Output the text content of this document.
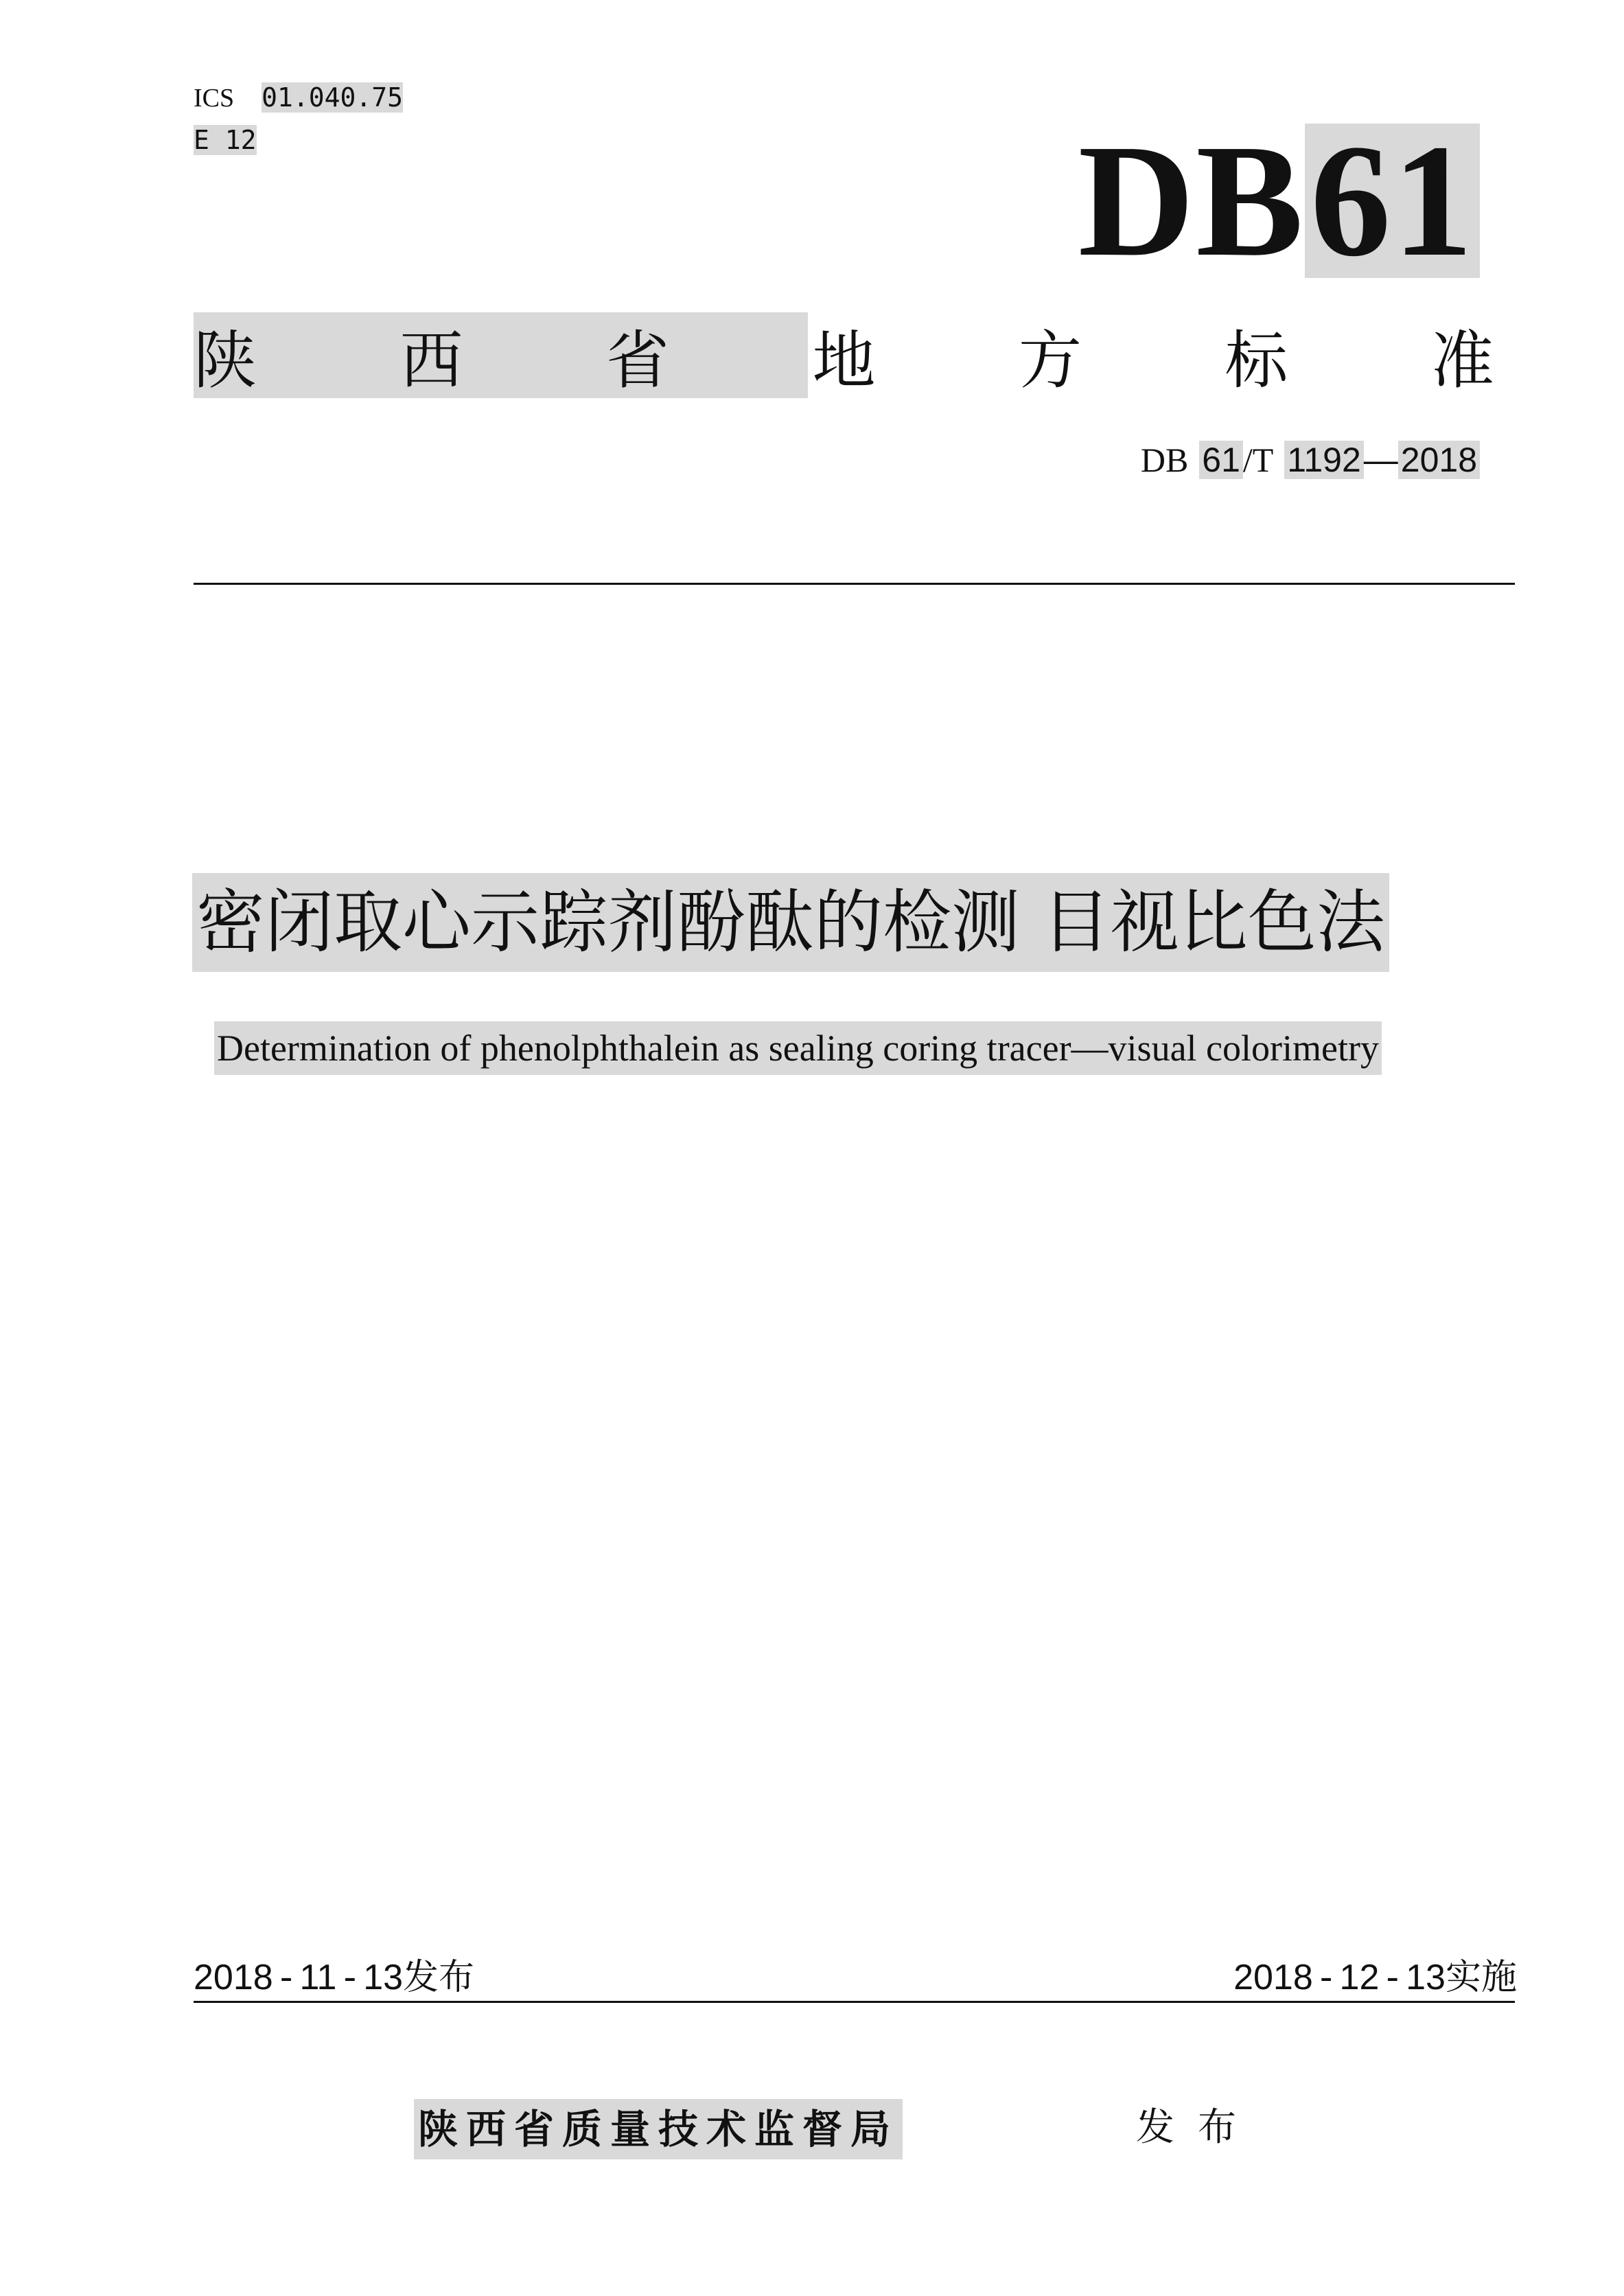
ICS 01.040.75
E 12	DB61
陕 西 省 地 方 标 准
DB 61/T 1192—2018
密闭取心示踪剂酚酞的检测 目视比色法
Determination of phenolphthalein as sealing coring tracer—visual colorimetry
2018 - 11 - 13发布	2018 - 12 - 13实施
陕西省质量技术监督局	发布
